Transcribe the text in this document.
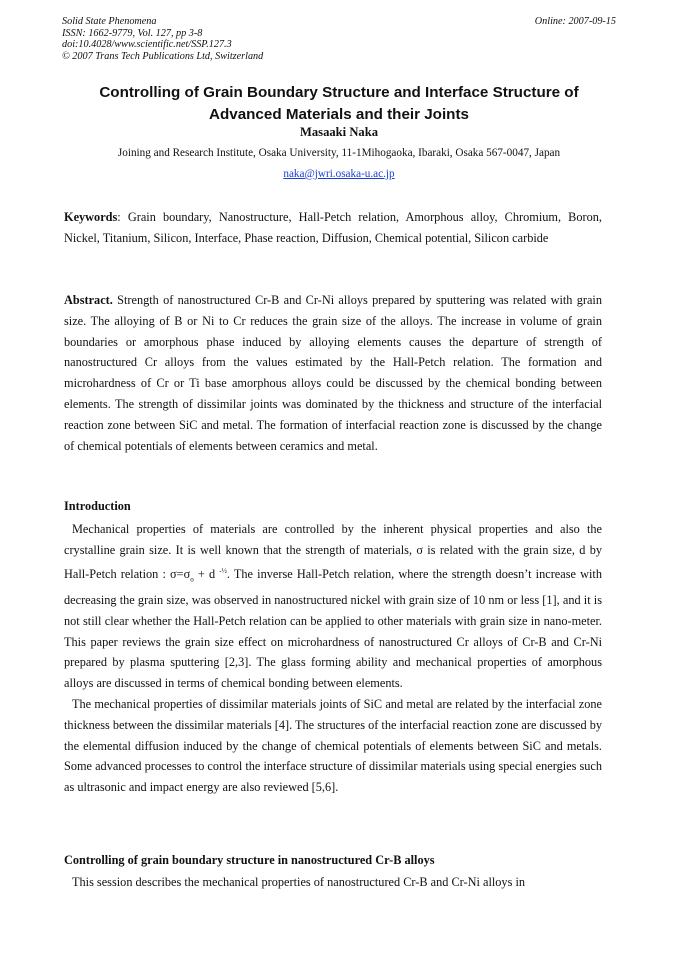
Solid State Phenomena
ISSN: 1662-9779, Vol. 127, pp 3-8
doi:10.4028/www.scientific.net/SSP.127.3
© 2007 Trans Tech Publications Ltd, Switzerland
Online: 2007-09-15
Controlling of Grain Boundary Structure and Interface Structure of
Advanced Materials and their Joints
Masaaki Naka
Joining and Research Institute, Osaka University, 11-1Mihogaoka, Ibaraki, Osaka 567-0047, Japan
naka@jwri.osaka-u.ac.jp
Keywords: Grain boundary, Nanostructure, Hall-Petch relation, Amorphous alloy, Chromium, Boron, Nickel, Titanium, Silicon, Interface, Phase reaction, Diffusion, Chemical potential, Silicon carbide
Abstract. Strength of nanostructured Cr-B and Cr-Ni alloys prepared by sputtering was related with grain size. The alloying of B or Ni to Cr reduces the grain size of the alloys. The increase in volume of grain boundaries or amorphous phase induced by alloying elements causes the departure of strength of nanostructured Cr alloys from the values estimated by the Hall-Petch relation. The formation and microhardness of Cr or Ti base amorphous alloys could be discussed by the chemical bonding between elements. The strength of dissimilar joints was dominated by the thickness and structure of the interfacial reaction zone between SiC and metal. The formation of interfacial reaction zone is discussed by the change of chemical potentials of elements between ceramics and metal.
Introduction

Mechanical properties of materials are controlled by the inherent physical properties and also the crystalline grain size. It is well known that the strength of materials, σ is related with the grain size, d by Hall-Petch relation : $\sigma=\sigma_o + d$ $^{-\frac{1}{2}}$. The inverse Hall-Petch relation, where the strength doesn’t increase with decreasing the grain size, was observed in nanostructured nickel with grain size of 10 nm or less [1], and it is not still clear whether the Hall-Petch relation can be applied to other materials with grain size in nano-meter. This paper reviews the grain size effect on microhardness of nanostructured Cr alloys of Cr-B and Cr-Ni prepared by plasma sputtering [2,3]. The glass forming ability and mechanical properties of amorphous alloys are discussed in terms of chemical bonding between elements.

The mechanical properties of dissimilar materials joints of SiC and metal are related by the interfacial zone thickness between the dissimilar materials [4]. The structures of the interfacial reaction zone are discussed by the elemental diffusion induced by the change of chemical potentials of elements between SiC and metals. Some advanced processes to control the interface structure of dissimilar materials using special energies such as ultrasonic and impact energy are also reviewed [5,6].

Controlling of grain boundary structure in nanostructured Cr-B alloys
This session describes the mechanical properties of nanostructured Cr-B and Cr-Ni alloys in
